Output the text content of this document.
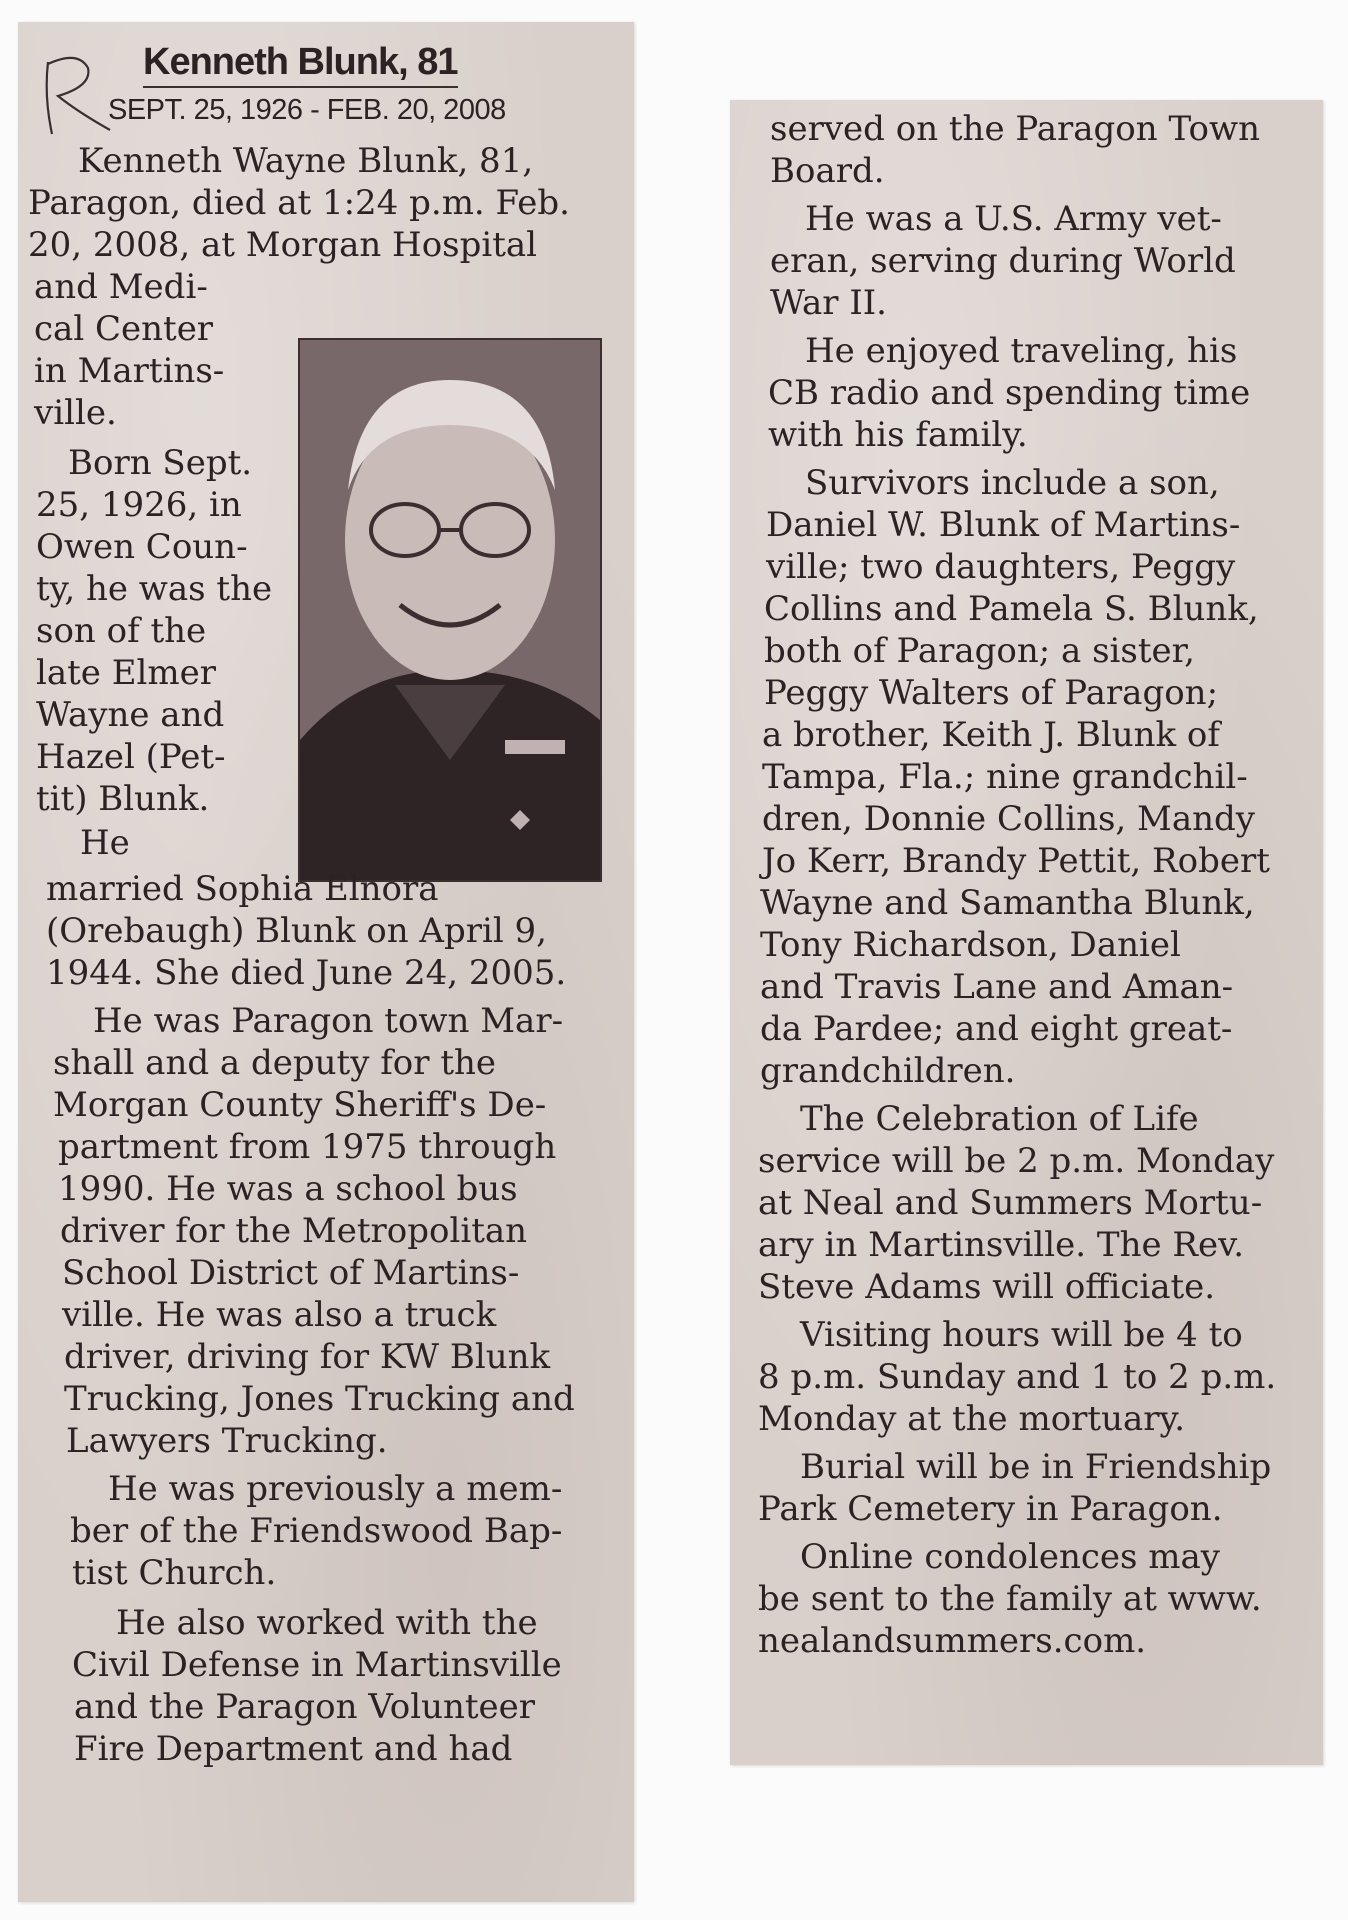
Kenneth Blunk, 81
SEPT. 25, 1926 - FEB. 20, 2008
Kenneth Wayne Blunk, 81,
Paragon, died at 1:24 p.m. Feb.
20, 2008, at Morgan Hospital
and Medi-
cal Center
in Martins-
ville.
Born Sept.
25, 1926, in
Owen Coun-
ty, he was the
son of the
late Elmer
Wayne and
Hazel (Pet-
tit) Blunk.
He
married Sophia Elnora
(Orebaugh) Blunk on April 9,
1944. She died June 24, 2005.
He was Paragon town Mar-
shall and a deputy for the
Morgan County Sheriff's De-
partment from 1975 through
1990. He was a school bus
driver for the Metropolitan
School District of Martins-
ville. He was also a truck
driver, driving for KW Blunk
Trucking, Jones Trucking and
Lawyers Trucking.
He was previously a mem-
ber of the Friendswood Bap-
tist Church.
He also worked with the
Civil Defense in Martinsville
and the Paragon Volunteer
Fire Department and had
served on the Paragon Town
Board.
He was a U.S. Army vet-
eran, serving during World
War II.
He enjoyed traveling, his
CB radio and spending time
with his family.
Survivors include a son,
Daniel W. Blunk of Martins-
ville; two daughters, Peggy
Collins and Pamela S. Blunk,
both of Paragon; a sister,
Peggy Walters of Paragon;
a brother, Keith J. Blunk of
Tampa, Fla.; nine grandchil-
dren, Donnie Collins, Mandy
Jo Kerr, Brandy Pettit, Robert
Wayne and Samantha Blunk,
Tony Richardson, Daniel
and Travis Lane and Aman-
da Pardee; and eight great-
grandchildren.
The Celebration of Life
service will be 2 p.m. Monday
at Neal and Summers Mortu-
ary in Martinsville. The Rev.
Steve Adams will officiate.
Visiting hours will be 4 to
8 p.m. Sunday and 1 to 2 p.m.
Monday at the mortuary.
Burial will be in Friendship
Park Cemetery in Paragon.
Online condolences may
be sent to the family at www.
nealandsummers.com.
